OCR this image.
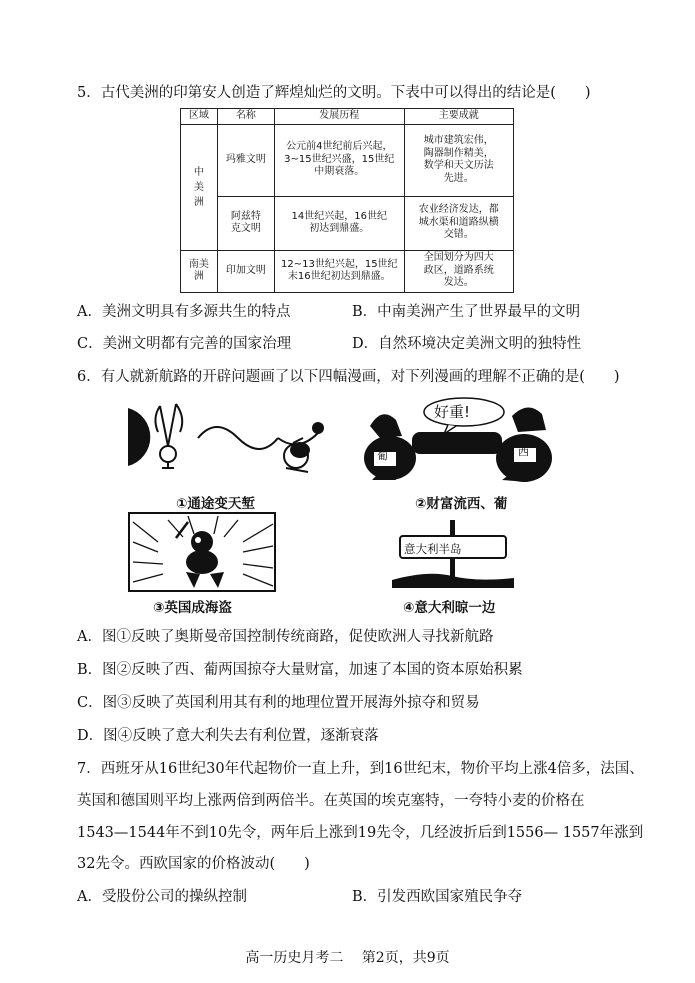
5．古代美洲的印第安人创造了辉煌灿烂的文明。下表中可以得出的结论是(　　)
区域	名称	发展历程	主要成就

中美洲	玛雅文明	公元前4世纪前后兴起，3~15世纪兴盛，15世纪中期衰落。	城市建筑宏伟，陶器制作精美，数学和天文历法先进。

	阿兹特克文明	14世纪兴起，16世纪初达到鼎盛。	农业经济发达，都城水渠和道路纵横交错。

南美洲	印加文明	12~13世纪兴起，15世纪末16世纪初达到鼎盛。	全国划分为四大政区，道路系统发达。
A．美洲文明具有多源共生的特点	B．中南美洲产生了世界最早的文明
C．美洲文明都有完善的国家治理	D．自然环境决定美洲文明的独特性
6．有人就新航路的开辟问题画了以下四幅漫画，对下列漫画的理解不正确的是(　　)
①通途变天堑
好重!
葡	西
②财富流西、葡
③英国成海盗
意大利半岛
④意大利晾一边
A．图①反映了奥斯曼帝国控制传统商路，促使欧洲人寻找新航路
B．图②反映了西、葡两国掠夺大量财富，加速了本国的资本原始积累
C．图③反映了英国利用其有利的地理位置开展海外掠夺和贸易
D．图④反映了意大利失去有利位置，逐渐衰落
7．西班牙从16世纪30年代起物价一直上升，到16世纪末，物价平均上涨4倍多，法国、
英国和德国则平均上涨两倍到两倍半。在英国的埃克塞特，一夸特小麦的价格在
1543—1544年不到10先令，两年后上涨到19先令，几经波折后到1556— 1557年涨到
32先令。西欧国家的价格波动(　　)
A．受股份公司的操纵控制	B．引发西欧国家殖民争夺
高一历史月考二　 第2页，共9页
